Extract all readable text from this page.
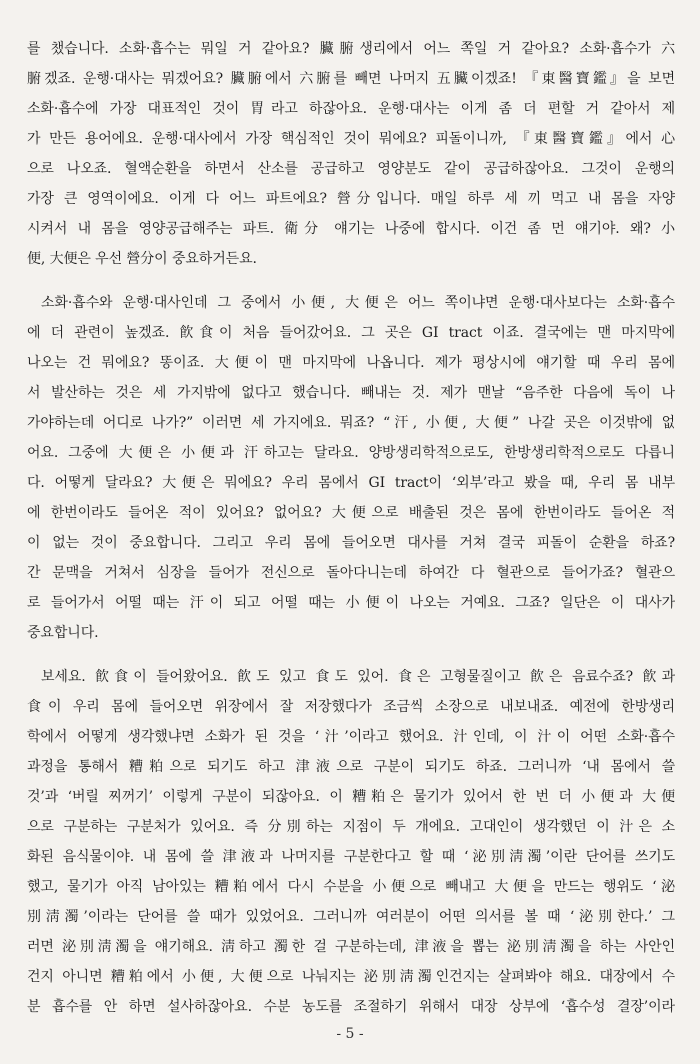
를 챘습니다. 소화·흡수는 뭐일 거 같아요? 臟腑생리에서 어느 쪽일 거 같아요? 소화·흡수가 六
腑겠죠. 운행·대사는 뭐겠어요? 臟腑에서 六腑를 빼면 나머지 五臟이겠죠! 『東醫寶鑑』을 보면
소화·흡수에 가장 대표적인 것이 胃라고 하잖아요. 운행·대사는 이게 좀 더 편할 거 같아서 제
가 만든 용어에요. 운행·대사에서 가장 핵심적인 것이 뭐에요? 피돌이니까, 『東醫寶鑑』에서 心
으로 나오죠. 혈액순환을 하면서 산소를 공급하고 영양분도 같이 공급하잖아요. 그것이 운행의
가장 큰 영역이에요. 이게 다 어느 파트에요? 營分입니다. 매일 하루 세 끼 먹고 내 몸을 자양
시켜서 내 몸을 영양공급해주는 파트. 衛分 얘기는 나중에 합시다. 이건 좀 먼 얘기야. 왜? 小
便, 大便은 우선 營分이 중요하거든요.
소화·흡수와 운행·대사인데 그 중에서 小便, 大便은 어느 쪽이냐면 운행·대사보다는 소화·흡수
에 더 관련이 높겠죠. 飮食이 처음 들어갔어요. 그 곳은 GI tract 이죠. 결국에는 맨 마지막에
나오는 건 뭐에요? 똥이죠. 大便이 맨 마지막에 나옵니다. 제가 평상시에 얘기할 때 우리 몸에
서 발산하는 것은 세 가지밖에 없다고 했습니다. 빼내는 것. 제가 맨날 “음주한 다음에 독이 나
가야하는데 어디로 나가?” 이러면 세 가지에요. 뭐죠? “汗, 小便, 大便” 나갈 곳은 이것밖에 없
어요. 그중에 大便은 小便과 汗하고는 달라요. 양방생리학적으로도, 한방생리학적으로도 다릅니
다. 어떻게 달라요? 大便은 뭐에요? 우리 몸에서 GI tract이 ‘외부’라고 봤을 때, 우리 몸 내부
에 한번이라도 들어온 적이 있어요? 없어요? 大便으로 배출된 것은 몸에 한번이라도 들어온 적
이 없는 것이 중요합니다. 그리고 우리 몸에 들어오면 대사를 거쳐 결국 피돌이 순환을 하죠?
간 문맥을 거쳐서 심장을 들어가 전신으로 돌아다니는데 하여간 다 혈관으로 들어가죠? 혈관으
로 들어가서 어떨 때는 汗이 되고 어떨 때는 小便이 나오는 거예요. 그죠? 일단은 이 대사가
중요합니다.
보세요. 飮食이 들어왔어요. 飮도 있고 食도 있어. 食은 고형물질이고 飮은 음료수죠? 飮과
食이 우리 몸에 들어오면 위장에서 잘 저장했다가 조금씩 소장으로 내보내죠. 예전에 한방생리
학에서 어떻게 생각했냐면 소화가 된 것을 ‘汁’이라고 했어요. 汁인데, 이 汁이 어떤 소화·흡수
과정을 통해서 糟粕으로 되기도 하고 津液으로 구분이 되기도 하죠. 그러니까 ‘내 몸에서 쓸
것’과 ‘버릴 찌꺼기’ 이렇게 구분이 되잖아요. 이 糟粕은 물기가 있어서 한 번 더 小便과 大便
으로 구분하는 구분처가 있어요. 즉 分別하는 지점이 두 개에요. 고대인이 생각했던 이 汁은 소
화된 음식물이야. 내 몸에 쓸 津液과 나머지를 구분한다고 할 때 ‘泌別淸濁’이란 단어를 쓰기도
했고, 물기가 아직 남아있는 糟粕에서 다시 수분을 小便으로 빼내고 大便을 만드는 행위도 ‘泌
別淸濁’이라는 단어를 쓸 때가 있었어요. 그러니까 여러분이 어떤 의서를 볼 때 ‘泌別한다.’ 그
러면 泌別淸濁을 얘기해요. 淸하고 濁한 걸 구분하는데, 津液을 뽑는 泌別淸濁을 하는 사안인
건지 아니면 糟粕에서 小便, 大便으로 나눠지는 泌別淸濁인건지는 살펴봐야 해요. 대장에서 수
분 흡수를 안 하면 설사하잖아요. 수분 농도를 조절하기 위해서 대장 상부에 ‘흡수성 결장’이라
- 5 -
